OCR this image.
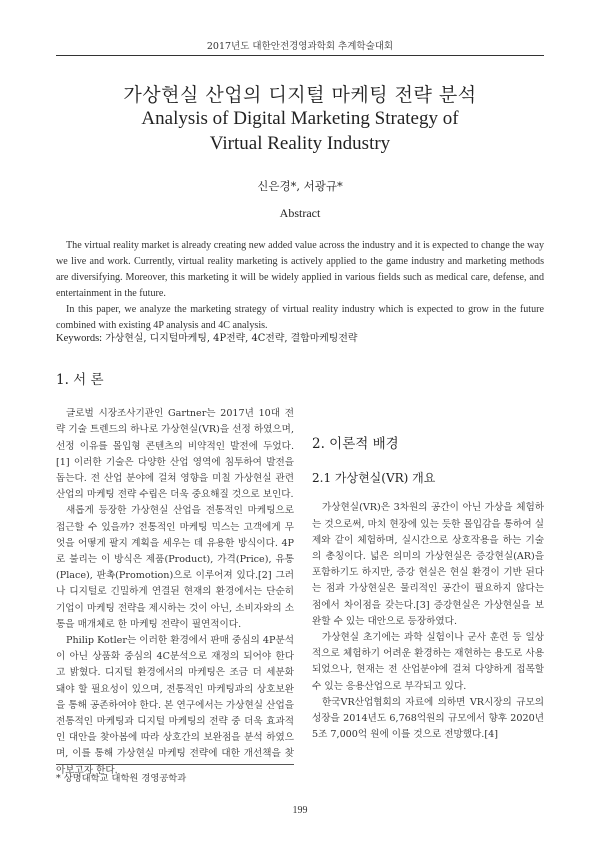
2017년도 대한안전경영과학회 추계학술대회
가상현실 산업의 디지털 마케팅 전략 분석
Analysis of Digital Marketing Strategy of
Virtual Reality Industry
신은경*, 서광규*
Abstract

The virtual reality market is already creating new added value across the industry and it is expected to change the way we live and work. Currently, virtual reality marketing is actively applied to the game industry and marketing methods are diversifying. Moreover, this marketing it will be widely applied in various fields such as medical care, defense, and entertainment in the future.

In this paper, we analyze the marketing strategy of virtual reality industry which is expected to grow in the future combined with existing 4P analysis and 4C analysis.

Keywords: 가상현실, 디지털마케팅, 4P전략, 4C전략, 결합마케팅전략
1. 서 론

글로벌 시장조사기관인 Gartner는 2017년 10대 전략 기술 트렌드의 하나로 가상현실(VR)을 선정 하였으며, 선정 이유를 몰입형 콘텐츠의 비약적인 발전에 두었다.[1] 이러한 기술은 다양한 산업 영역에 침투하여 발전을 돕는다. 전 산업 분야에 걸쳐 영향을 미칠 가상현실 관련 산업의 마케팅 전략 수립은 더욱 중요해질 것으로 보인다.

새롭게 등장한 가상현실 산업을 전통적인 마케팅으로 접근할 수 있을까? 전통적인 마케팅 믹스는 고객에게 무엇을 어떻게 팔지 계획을 세우는 데 유용한 방식이다. 4P로 불리는 이 방식은 제품(Product), 가격(Price), 유통(Place), 판촉(Promotion)으로 이루어져 있다.[2] 그러나 디지털로 긴밀하게 연결된 현재의 환경에서는 단순히 기업이 마케팅 전략을 제시하는 것이 아닌, 소비자와의 소통을 매개체로 한 마케팅 전략이 필연적이다.

Philip Kotler는 이러한 환경에서 판매 중심의 4P분석이 아닌 상품화 중심의 4C분석으로 재정의 되어야 한다고 밝혔다. 디지털 환경에서의 마케팅은 조금 더 세분화 돼야 할 필요성이 있으며, 전통적인 마케팅과의 상호보완을 통해 공존하여야 한다. 본 연구에서는 가상현실 산업을 전통적인 마케팅과 디지털 마케팅의 전략 중 더욱 효과적인 대안을 찾아봄에 따라 상호간의 보완점을 분석 하였으며, 이를 통해 가상현실 마케팅 전략에 대한 개선책을 찾아보고자 한다.

2. 이론적 배경
2.1 가상현실(VR) 개요

가상현실(VR)은 3차원의 공간이 아닌 가상을 체험하는 것으로써, 마치 현장에 있는 듯한 몰입감을 통하여 실제와 같이 체험하며, 실시간으로 상호작용을 하는 기술의 총칭이다. 넓은 의미의 가상현실은 증강현실(AR)을 포함하기도 하지만, 증강 현실은 현실 환경이 기반 된다는 점과 가상현실은 물리적인 공간이 필요하지 않다는 점에서 차이점을 갖는다.[3] 증강현실은 가상현실을 보완할 수 있는 대안으로 등장하였다.

가상현실 초기에는 과학 실험이나 군사 훈련 등 일상적으로 체험하기 어려운 환경하는 재현하는 용도로 사용되었으나, 현재는 전 산업분야에 걸쳐 다양하게 접목할 수 있는 응용산업으로 부각되고 있다.

한국VR산업협회의 자료에 의하면 VR시장의 규모의 성장을 2014년도 6,768억원의 규모에서 향후 2020년 5조 7,000억 원에 이를 것으로 전망했다.[4]

* 상명대학교 대학원 경영공학과
199
